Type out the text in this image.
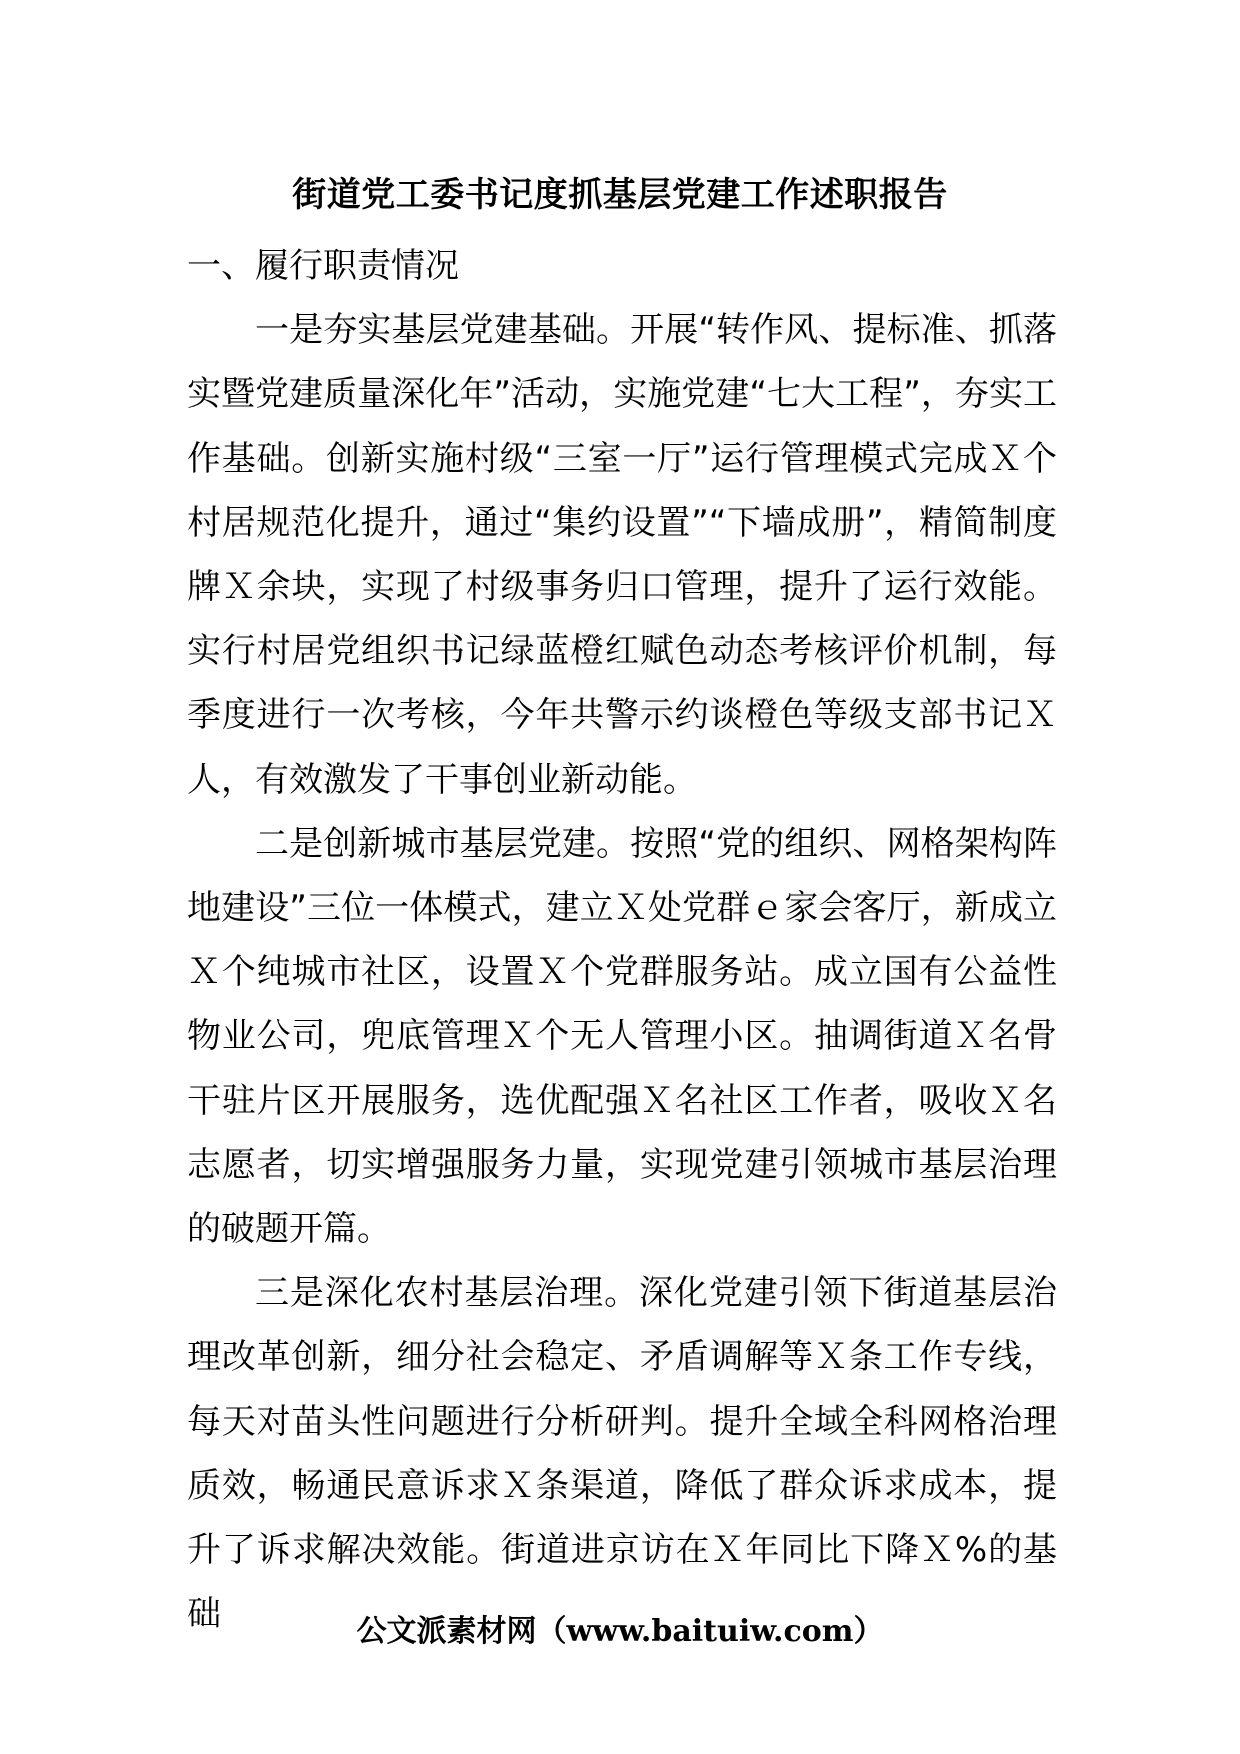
街道党工委书记度抓基层党建工作述职报告
一、履行职责情况

一是夯实基层党建基础。开展“转作风、提标准、抓落实暨党建质量深化年”活动，实施党建“七大工程”，夯实工作基础。创新实施村级“三室一厅”运行管理模式完成Ｘ个村居规范化提升，通过“集约设置”“下墙成册”，精简制度牌Ｘ余块，实现了村级事务归口管理，提升了运行效能。实行村居党组织书记绿蓝橙红赋色动态考核评价机制，每季度进行一次考核，今年共警示约谈橙色等级支部书记Ｘ人，有效激发了干事创业新动能。

二是创新城市基层党建。按照“党的组织、网格架构阵地建设”三位一体模式，建立Ｘ处党群ｅ家会客厅，新成立Ｘ个纯城市社区，设置Ｘ个党群服务站。成立国有公益性物业公司，兜底管理Ｘ个无人管理小区。抽调街道Ｘ名骨干驻片区开展服务，选优配强Ｘ名社区工作者，吸收Ｘ名志愿者，切实增强服务力量，实现党建引领城市基层治理的破题开篇。

三是深化农村基层治理。深化党建引领下街道基层治理改革创新，细分社会稳定、矛盾调解等Ｘ条工作专线，每天对苗头性问题进行分析研判。提升全域全科网格治理质效，畅通民意诉求Ｘ条渠道，降低了群众诉求成本，提升了诉求解决效能。街道进京访在Ｘ年同比下降Ｘ%的基础	公文派素材网（www.baituiw.com）
